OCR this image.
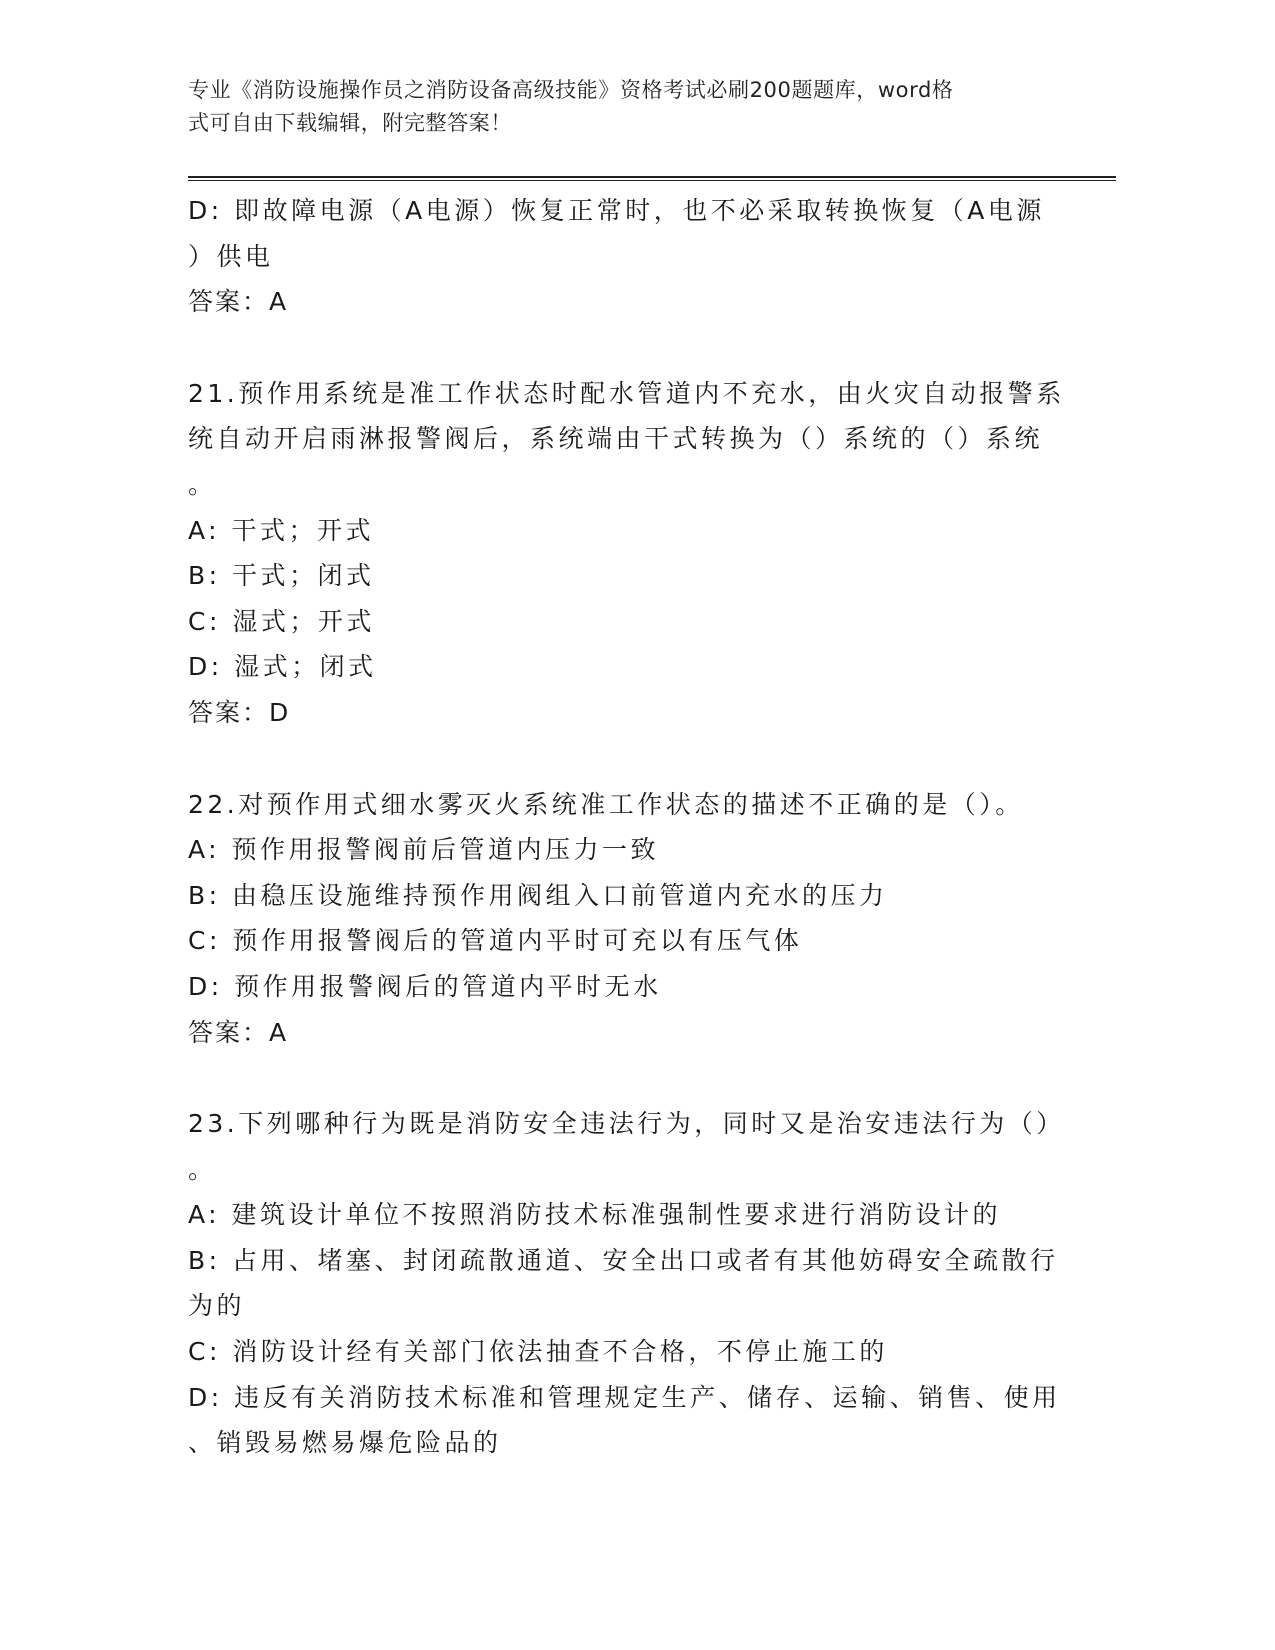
专业《消防设施操作员之消防设备高级技能》资格考试必刷200题题库，word格
式可自由下载编辑，附完整答案！
D: 即故障电源（A电源）恢复正常时，也不必采取转换恢复（A电源
）供电
答案：A
21.预作用系统是准工作状态时配水管道内不充水，由火灾自动报警系
统自动开启雨淋报警阀后，系统端由干式转换为（）系统的（）系统
。
A: 干式；开式
B: 干式；闭式
C: 湿式；开式
D: 湿式；闭式
答案：D
22.对预作用式细水雾灭火系统准工作状态的描述不正确的是（）。
A: 预作用报警阀前后管道内压力一致
B: 由稳压设施维持预作用阀组入口前管道内充水的压力
C: 预作用报警阀后的管道内平时可充以有压气体
D: 预作用报警阀后的管道内平时无水
答案：A
23.下列哪种行为既是消防安全违法行为，同时又是治安违法行为（）
。
A: 建筑设计单位不按照消防技术标准强制性要求进行消防设计的
B: 占用、堵塞、封闭疏散通道、安全出口或者有其他妨碍安全疏散行
为的
C: 消防设计经有关部门依法抽查不合格，不停止施工的
D: 违反有关消防技术标准和管理规定生产、储存、运输、销售、使用
、销毁易燃易爆危险品的
